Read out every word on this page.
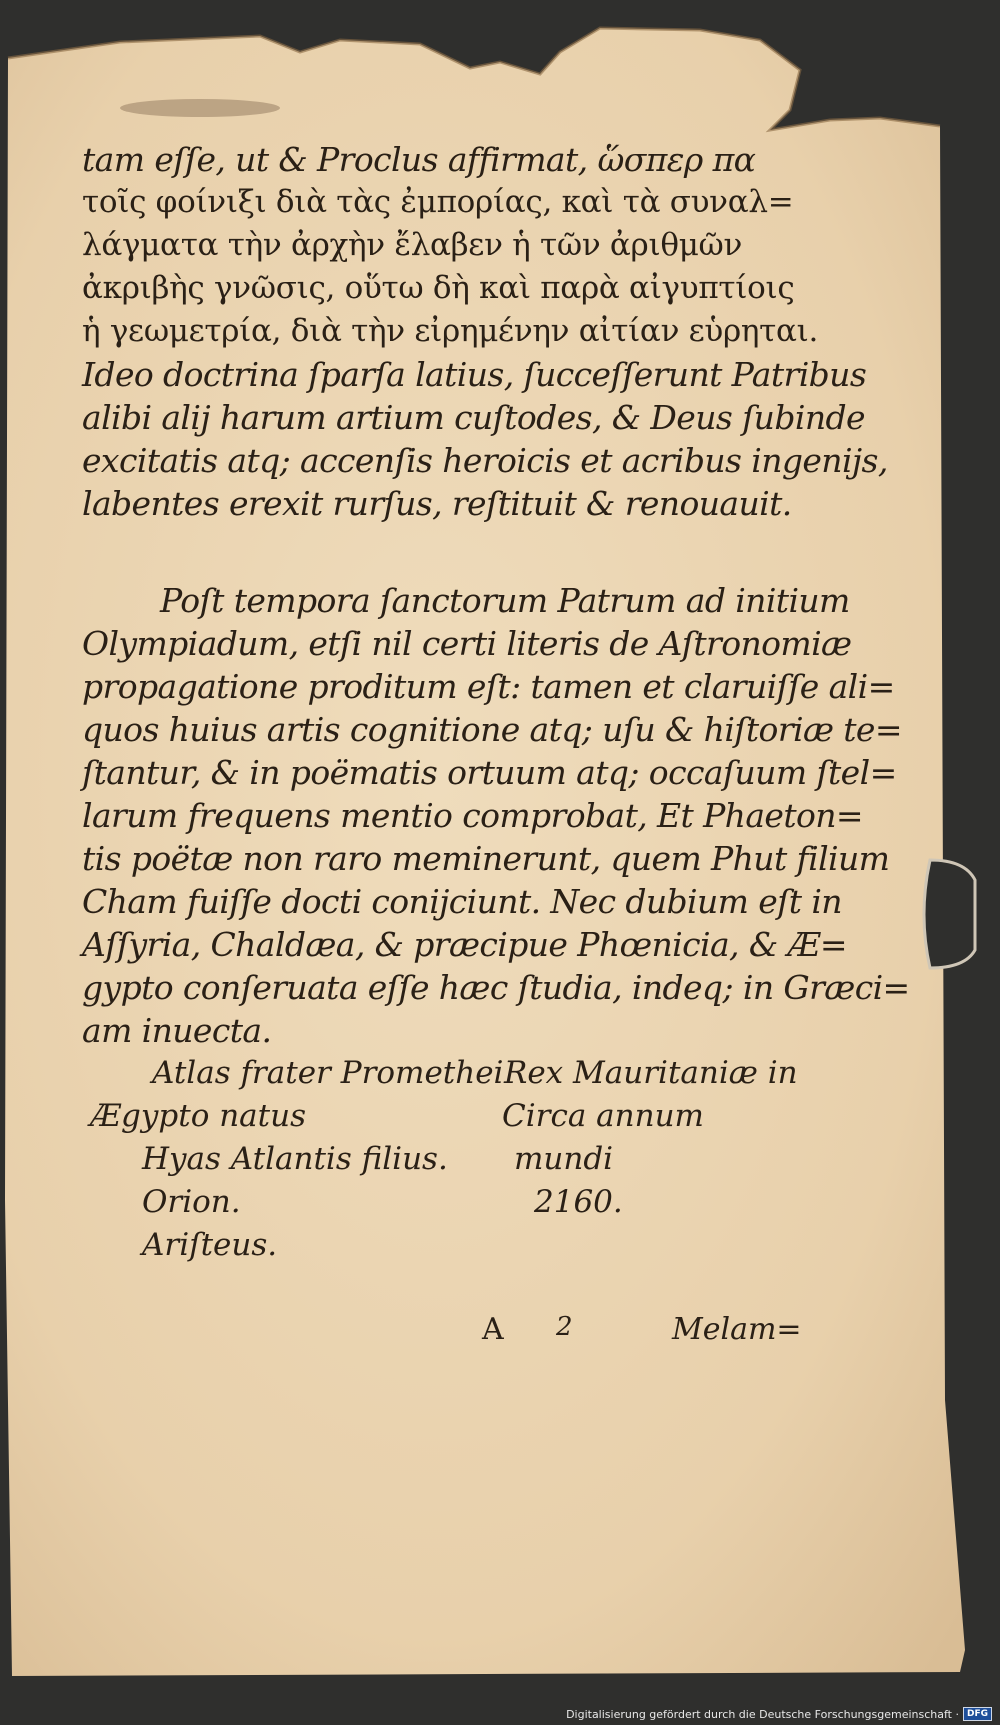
tam eſſe, ut & Proclus affirmat, ὥσπερ πα
τοῖς φοίνιξι διὰ τὰς ἐμπορίας, καὶ τὰ συναλ=
λάγματα τὴν ἀρχὴν ἔλαβεν ἡ τῶν ἀριθμῶν
ἀκριβὴς γνῶσις, οὕτω δὴ καὶ παρὰ αἰγυπτίοις
ἡ γεωμετρία, διὰ τὴν εἰρημένην αἰτίαν εὑρηται.
Ideo doctrina ſparſa latius, ſucceſſerunt Patribus
alibi alij harum artium cuſtodes, & Deus ſubinde
excitatis atq; accenſis heroicis et acribus ingenijs,
labentes erexit rurſus, reſtituit & renouauit.
Poſt tempora ſanctorum Patrum ad initium
Olympiadum, etſi nil certi literis de Aſtronomiæ
propagatione proditum eſt: tamen et claruiſſe ali=
quos huius artis cognitione atq; uſu & hiſtoriæ te=
ſtantur, & in poëmatis ortuum atq; occaſuum ſtel=
larum frequens mentio comprobat, Et Phaeton=
tis poëtæ non raro meminerunt, quem Phut filium
Cham fuiſſe docti conijciunt. Nec dubium eſt in
Aſſyria, Chaldæa, & præcipue Phœnicia, & Æ=
gypto conſeruata eſſe hæc ſtudia, indeq; in Græci=
am inuecta.
Atlas frater Promethei Rex Mauritaniæ in
Ægypto natus	Circa annum
Hyas Atlantis filius. mundi
Orion.	2160.
Ariſteus.
A 2	Melam=
Digitalisierung gefördert durch die Deutsche Forschungsgemeinschaft · DFG
